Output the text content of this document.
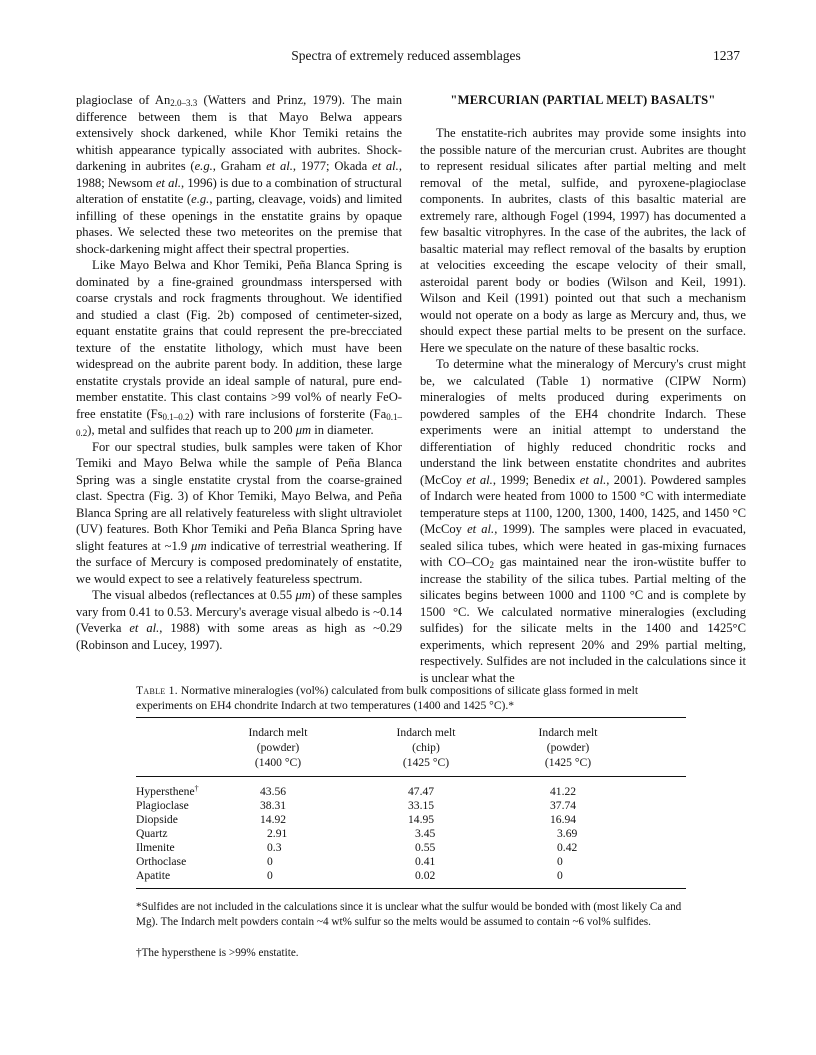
Spectra of extremely reduced assemblages	1237

plagioclase of $An_{2.0-3.3}$ (Watters and Prinz, 1979). The main difference between them is that Mayo Belwa appears extensively shock darkened, while Khor Temiki retains the whitish appearance typically associated with aubrites. Shock-darkening in aubrites (e.g., Graham et al., 1977; Okada et al., 1988; Newsom et al., 1996) is due to a combination of structural alteration of enstatite (e.g., parting, cleavage, voids) and limited infilling of these openings in the enstatite grains by opaque phases. We selected these two meteorites on the premise that shock-darkening might affect their spectral properties.

Like Mayo Belwa and Khor Temiki, Peña Blanca Spring is dominated by a fine-grained groundmass interspersed with coarse crystals and rock fragments throughout. We identified and studied a clast (Fig. 2b) composed of centimeter-sized, equant enstatite grains that could represent the pre-brecciated texture of the enstatite lithology, which must have been widespread on the aubrite parent body. In addition, these large enstatite crystals provide an ideal sample of natural, pure end-member enstatite. This clast contains >99 vol% of nearly FeO-free enstatite $(Fs_{0.1-0.2})$ with rare inclusions of forsterite $(Fa_{0.1-0.2})$, metal and sulfides that reach up to 200 μm in diameter.

For our spectral studies, bulk samples were taken of Khor Temiki and Mayo Belwa while the sample of Peña Blanca Spring was a single enstatite crystal from the coarse-grained clast. Spectra (Fig. 3) of Khor Temiki, Mayo Belwa, and Peña Blanca Spring are all relatively featureless with slight ultraviolet (UV) features. Both Khor Temiki and Peña Blanca Spring have slight features at ~1.9 μm indicative of terrestrial weathering. If the surface of Mercury is composed predominately of enstatite, we would expect to see a relatively featureless spectrum.

The visual albedos (reflectances at 0.55 μm) of these samples vary from 0.41 to 0.53. Mercury's average visual albedo is ~0.14 (Veverka et al., 1988) with some areas as high as ~0.29 (Robinson and Lucey, 1997).

"MERCURIAN (PARTIAL MELT) BASALTS"

The enstatite-rich aubrites may provide some insights into the possible nature of the mercurian crust. Aubrites are thought to represent residual silicates after partial melting and melt removal of the metal, sulfide, and pyroxene-plagioclase components. In aubrites, clasts of this basaltic material are extremely rare, although Fogel (1994, 1997) has documented a few basaltic vitrophyres. In the case of the aubrites, the lack of basaltic material may reflect removal of the basalts by eruption at velocities exceeding the escape velocity of their small, asteroidal parent body or bodies (Wilson and Keil, 1991). Wilson and Keil (1991) pointed out that such a mechanism would not operate on a body as large as Mercury and, thus, we should expect these partial melts to be present on the surface. Here we speculate on the nature of these basaltic rocks.

To determine what the mineralogy of Mercury's crust might be, we calculated (Table 1) normative (CIPW Norm) mineralogies of melts produced during experiments on powdered samples of the EH4 chondrite Indarch. These experiments were an initial attempt to understand the differentiation of highly reduced chondritic rocks and understand the link between enstatite chondrites and aubrites (McCoy et al., 1999; Benedix et al., 2001). Powdered samples of Indarch were heated from 1000 to 1500 °C with intermediate temperature steps at 1100, 1200, 1300, 1400, 1425, and 1450 °C (McCoy et al., 1999). The samples were placed in evacuated, sealed silica tubes, which were heated in gas-mixing furnaces with $CO-CO_2$ gas maintained near the iron-wüstite buffer to increase the stability of the silica tubes. Partial melting of the silicates begins between 1000 and 1100 °C and is complete by 1500 °C. We calculated normative mineralogies (excluding sulfides) for the silicate melts in the 1400 and 1425°C experiments, which represent 20% and 29% partial melting, respectively. Sulfides are not included in the calculations since it is unclear what the

Table 1. Normative mineralogies (vol%) calculated from bulk compositions of silicate glass formed in melt experiments on EH4 chondrite Indarch at two temperatures (1400 and 1425 °C).*
Indarch melt
(powder)
(1400 °C)
Indarch melt
(chip)
(1425 °C)
Indarch melt
(powder)
(1425 °C)
Hypersthene†	43.56	47.47	41.22
Plagioclase	38.31	33.15	37.74
Diopside	14.92	14.95	16.94
Quartz	2.91	3.45	3.69
Ilmenite	0.3	0.55	0.42
Orthoclase	0	0.41	0
Apatite	0	0.02	0
*Sulfides are not included in the calculations since it is unclear what the sulfur would be bonded with (most likely Ca and Mg). The Indarch melt powders contain ~4 wt% sulfur so the melts would be assumed to contain ~6 vol% sulfides.
†The hypersthene is >99% enstatite.
